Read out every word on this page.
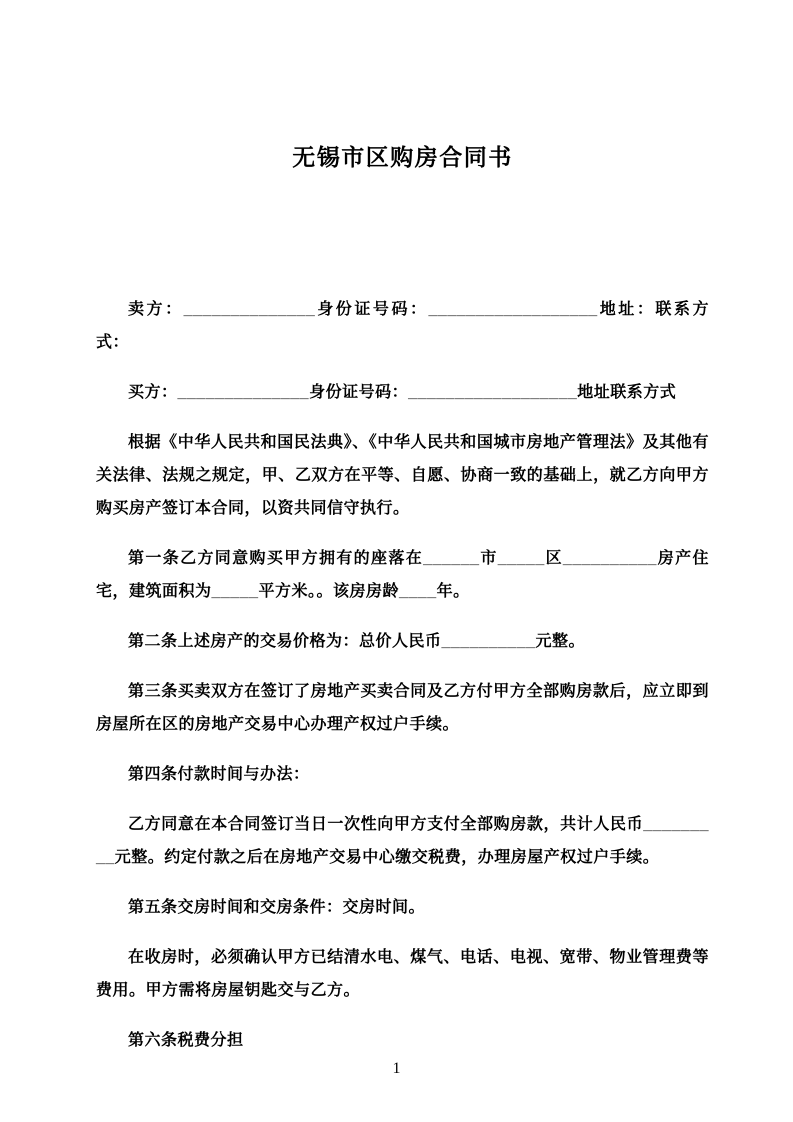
无锡市区购房合同书

卖方：______________身份证号码：__________________地址：联系方式：

买方：______________身份证号码：__________________地址联系方式

根据《中华人民共和国民法典》、《中华人民共和国城市房地产管理法》及其他有关法律、法规之规定，甲、乙双方在平等、自愿、协商一致的基础上，就乙方向甲方购买房产签订本合同，以资共同信守执行。

第一条乙方同意购买甲方拥有的座落在______市_____区__________房产住宅，建筑面积为_____平方米。。该房房龄____年。

第二条上述房产的交易价格为：总价人民币__________元整。

第三条买卖双方在签订了房地产买卖合同及乙方付甲方全部购房款后，应立即到房屋所在区的房地产交易中心办理产权过户手续。

第四条付款时间与办法：

乙方同意在本合同签订当日一次性向甲方支付全部购房款，共计人民币_________元整。约定付款之后在房地产交易中心缴交税费，办理房屋产权过户手续。

第五条交房时间和交房条件：交房时间。

在收房时，必须确认甲方已结清水电、煤气、电话、电视、宽带、物业管理费等费用。甲方需将房屋钥匙交与乙方。

第六条税费分担

1
